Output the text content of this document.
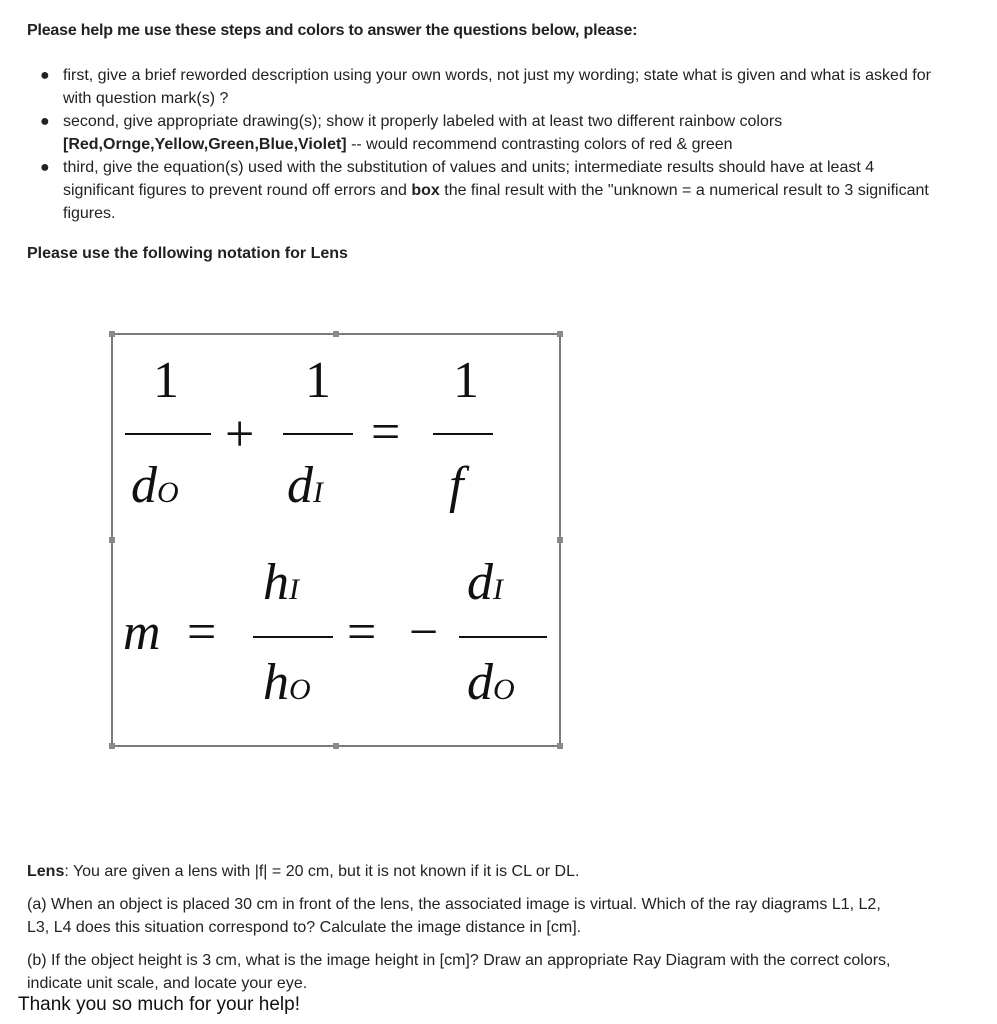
Please help me use these steps and colors to answer the questions below, please:
● first, give a brief reworded description using your own words, not just my wording; state what is given and what is asked for with question mark(s) ?
● second, give appropriate drawing(s); show it properly labeled with at least two different rainbow colors [Red,Ornge,Yellow,Green,Blue,Violet] -- would recommend contrasting colors of red & green
● third, give the equation(s) used with the substitution of values and units; intermediate results should have at least 4 significant figures to prevent round off errors and box the final result with the "unknown = a numerical result to 3 significant figures.
Please use the following notation for Lens
1
dO
+
1
dI
=
1
f
m =
hI
hO
= −
dI
dO

Lens: You are given a lens with |f| = 20 cm, but it is not known if it is CL or DL.

(a) When an object is placed 30 cm in front of the lens, the associated image is virtual. Which of the ray diagrams L1, L2, L3, L4 does this situation correspond to? Calculate the image distance in [cm].

(b) If the object height is 3 cm, what is the image height in [cm]? Draw an appropriate Ray Diagram with the correct colors, indicate unit scale, and locate your eye.

Thank you so much for your help!
